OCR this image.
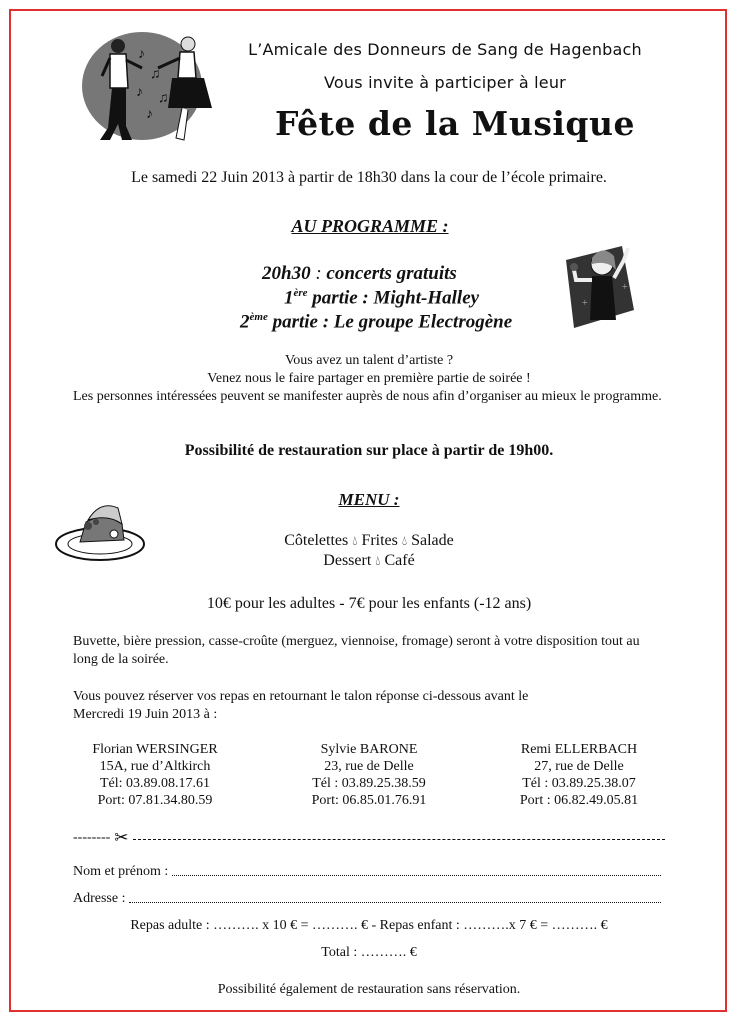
♪
♫
♪ ♫
♪
L’Amicale des Donneurs de Sang de Hagenbach
Vous invite à participer à leur
Fête de la Musique
Le samedi 22 Juin 2013 à partir de 18h30 dans la cour de l’école primaire.
AU PROGRAMME :
20h30 : concerts gratuits
1ère partie : Might-Halley
2ème partie : Le groupe Electrogène
+
+
Vous avez un talent d’artiste ?
Venez nous le faire partager en première partie de soirée !
Les personnes intéressées peuvent se manifester auprès de nous afin d’organiser au mieux le programme.
Possibilité de restauration sur place à partir de 19h00.
MENU :
Côtelettes 💧︎ Frites 💧︎ Salade
Dessert 💧︎ Café
10€ pour les adultes - 7€ pour les enfants (-12 ans)
Buvette, bière pression, casse-croûte (merguez, viennoise, fromage) seront à votre disposition tout au long de la soirée.
Vous pouvez réserver vos repas en retournant le talon réponse ci-dessous avant le
Mercredi 19 Juin 2013 à :
Florian WERSINGER
15A, rue d’Altkirch
Tél: 03.89.08.17.61
Port: 07.81.34.80.59
Sylvie BARONE
23, rue de Delle
Tél : 03.89.25.38.59
Port: 06.85.01.76.91
Remi ELLERBACH
27, rue de Delle
Tél : 03.89.25.38.07
Port : 06.82.49.05.81
-------- ✂︎
Nom et prénom :
Adresse :
Repas adulte : ………. x 10 € = ………. € - Repas enfant : ……….x 7 € = ………. €
Total : ………. €
Possibilité également de restauration sans réservation.
